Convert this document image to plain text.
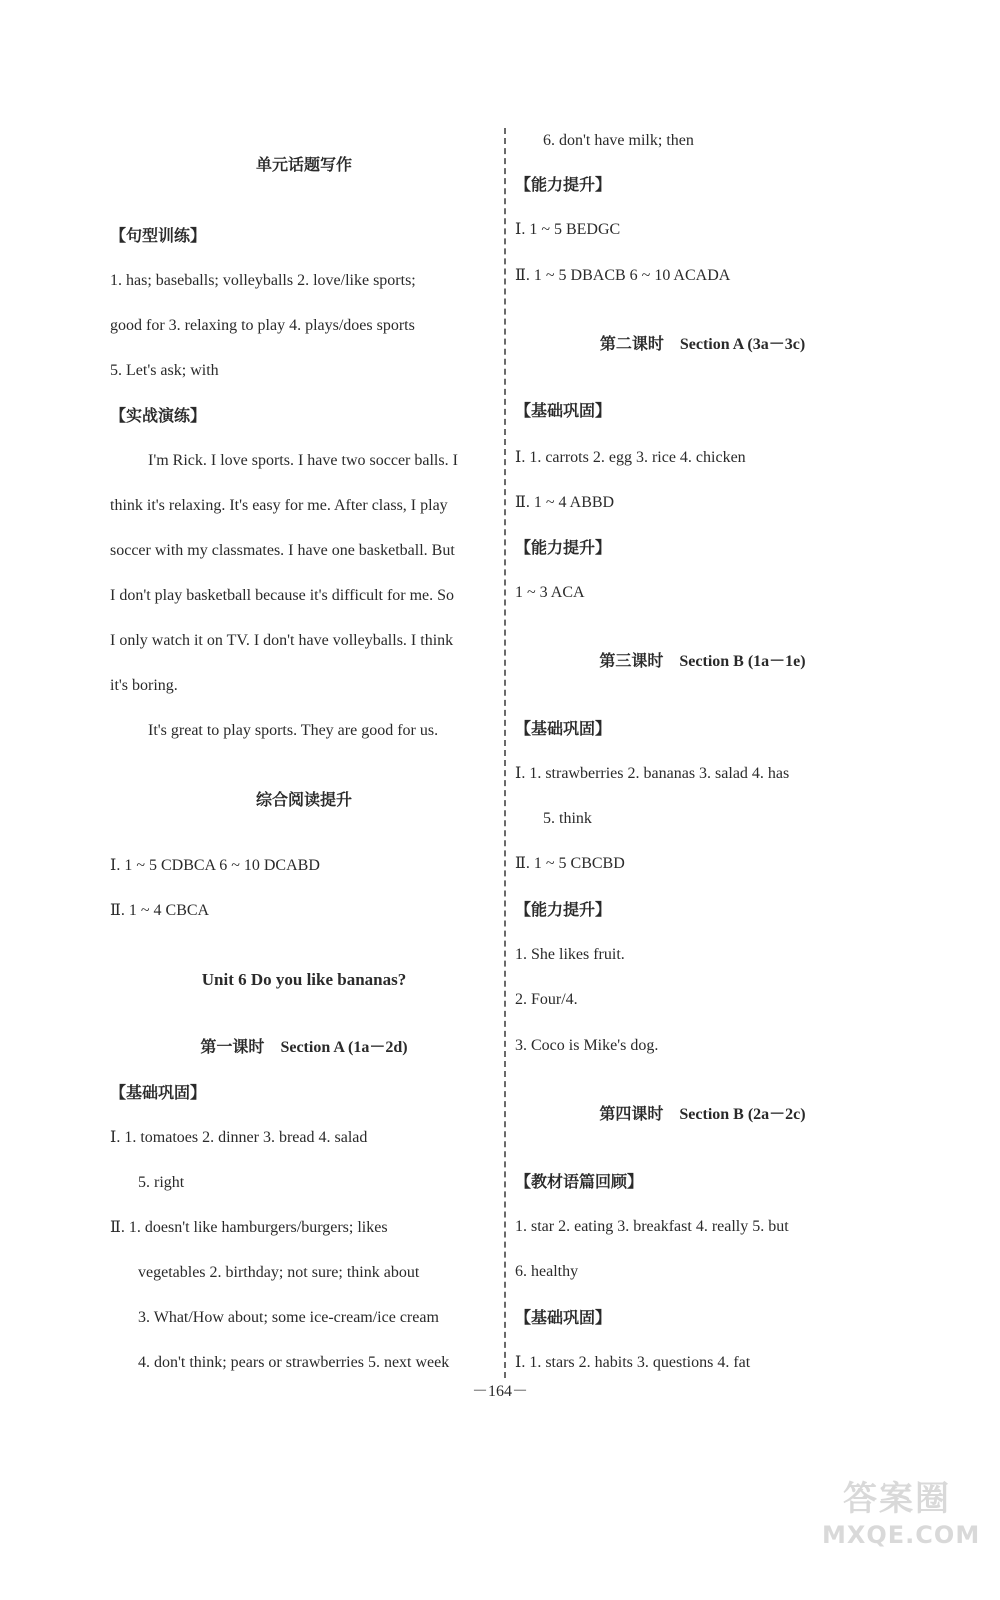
单元话题写作
【句型训练】
1. has; baseballs; volleyballs 2. love/like sports;
good for 3. relaxing to play 4. plays/does sports
5. Let's ask; with
【实战演练】
I'm Rick. I love sports. I have two soccer balls. I
think it's relaxing. It's easy for me. After class, I play
soccer with my classmates. I have one basketball. But
I don't play basketball because it's difficult for me. So
I only watch it on TV. I don't have volleyballs. I think
it's boring.
It's great to play sports. They are good for us.
综合阅读提升
Ⅰ. 1 ~ 5 CDBCA 6 ~ 10 DCABD
Ⅱ. 1 ~ 4 CBCA
Unit 6 Do you like bananas?
第一课时 Section A (1a－2d)
【基础巩固】
Ⅰ. 1. tomatoes 2. dinner 3. bread 4. salad
5. right
Ⅱ. 1. doesn't like hamburgers/burgers; likes
vegetables 2. birthday; not sure; think about
3. What/How about; some ice-cream/ice cream
4. don't think; pears or strawberries 5. next week
6. don't have milk; then
【能力提升】
Ⅰ. 1 ~ 5 BEDGC
Ⅱ. 1 ~ 5 DBACB 6 ~ 10 ACADA
第二课时 Section A (3a－3c)
【基础巩固】
Ⅰ. 1. carrots 2. egg 3. rice 4. chicken
Ⅱ. 1 ~ 4 ABBD
【能力提升】
1 ~ 3 ACA
第三课时 Section B (1a－1e)
【基础巩固】
Ⅰ. 1. strawberries 2. bananas 3. salad 4. has
5. think
Ⅱ. 1 ~ 5 CBCBD
【能力提升】
1. She likes fruit.
2. Four/4.
3. Coco is Mike's dog.
第四课时 Section B (2a－2c)
【教材语篇回顾】
1. star 2. eating 3. breakfast 4. really 5. but
6. healthy
【基础巩固】
Ⅰ. 1. stars 2. habits 3. questions 4. fat
－164－
答案圈
MXQE.COM
